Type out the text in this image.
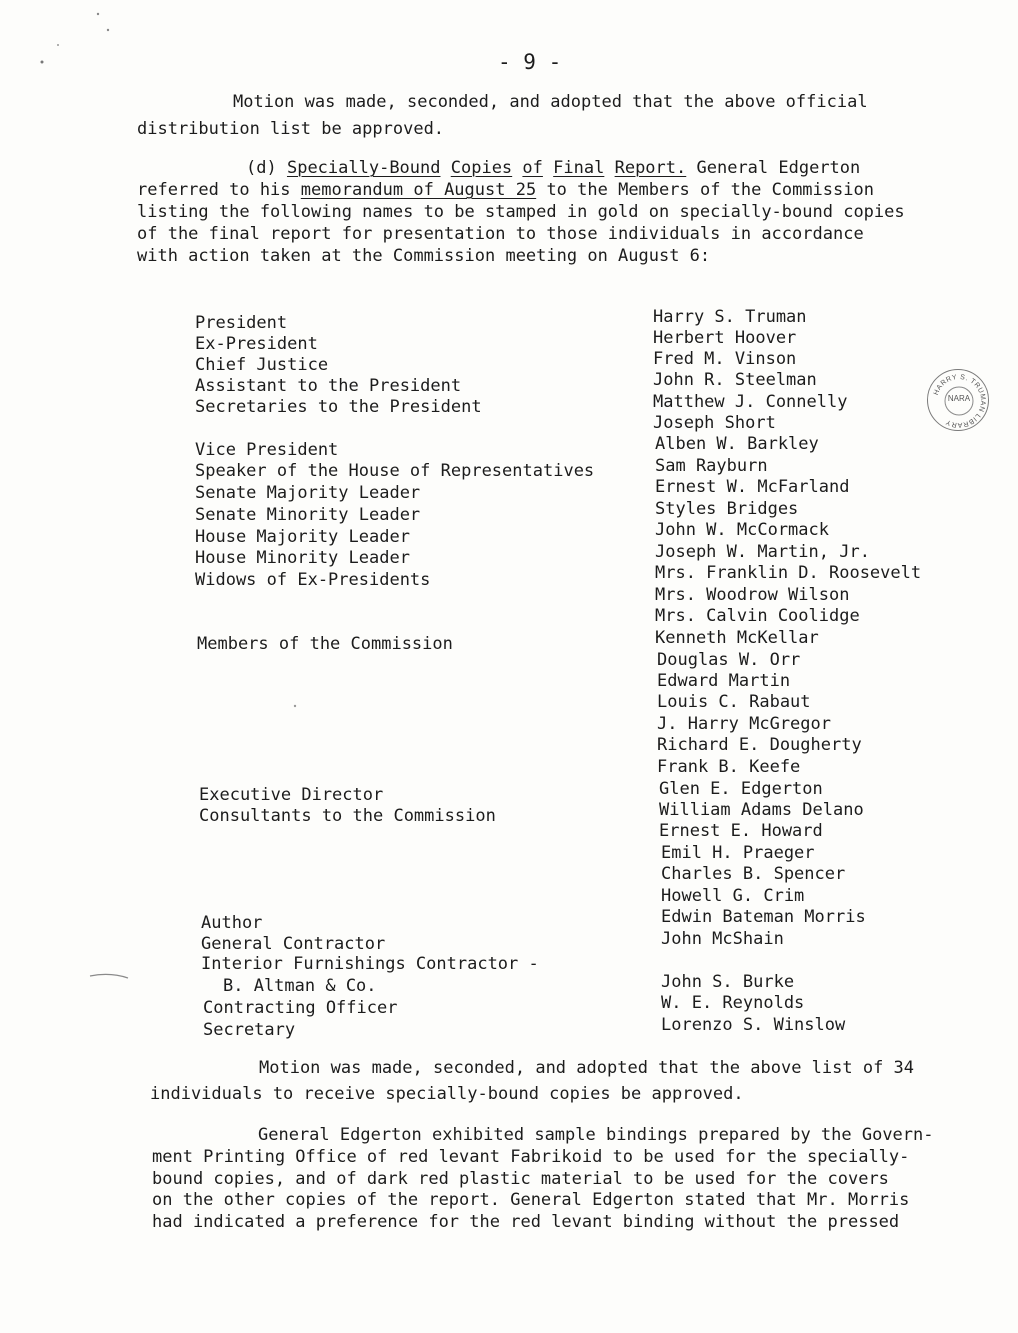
- 9 -
Motion was made, seconded, and adopted that the above official
distribution list be approved.
(d) Specially-Bound Copies of Final Report. General Edgerton
referred to his memorandum of August 25 to the Members of the Commission
listing the following names to be stamped in gold on specially-bound copies
of the final report for presentation to those individuals in accordance
with action taken at the Commission meeting on August 6:
President
Ex-President
Chief Justice
Assistant to the President
Secretaries to the President
Vice President
Speaker of the House of Representatives
Senate Majority Leader
Senate Minority Leader
House Majority Leader
House Minority Leader
Widows of Ex-Presidents
Members of the Commission
Executive Director
Consultants to the Commission
Author
General Contractor
Interior Furnishings Contractor -
B. Altman & Co.
Contracting Officer
Secretary
Harry S. Truman
Herbert Hoover
Fred M. Vinson
John R. Steelman
Matthew J. Connelly
Joseph Short
Alben W. Barkley
Sam Rayburn
Ernest W. McFarland
Styles Bridges
John W. McCormack
Joseph W. Martin, Jr.
Mrs. Franklin D. Roosevelt
Mrs. Woodrow Wilson
Mrs. Calvin Coolidge
Kenneth McKellar
Douglas W. Orr
Edward Martin
Louis C. Rabaut
J. Harry McGregor
Richard E. Dougherty
Frank B. Keefe
Glen E. Edgerton
William Adams Delano
Ernest E. Howard
Emil H. Praeger
Charles B. Spencer
Howell G. Crim
Edwin Bateman Morris
John McShain
John S. Burke
W. E. Reynolds
Lorenzo S. Winslow
Motion was made, seconded, and adopted that the above list of 34
individuals to receive specially-bound copies be approved.
General Edgerton exhibited sample bindings prepared by the Govern-
ment Printing Office of red levant Fabrikoid to be used for the specially-
bound copies, and of dark red plastic material to be used for the covers
on the other copies of the report. General Edgerton stated that Mr. Morris
had indicated a preference for the red levant binding without the pressed
HARRY S. TRUMAN LIBRARY
NARA
